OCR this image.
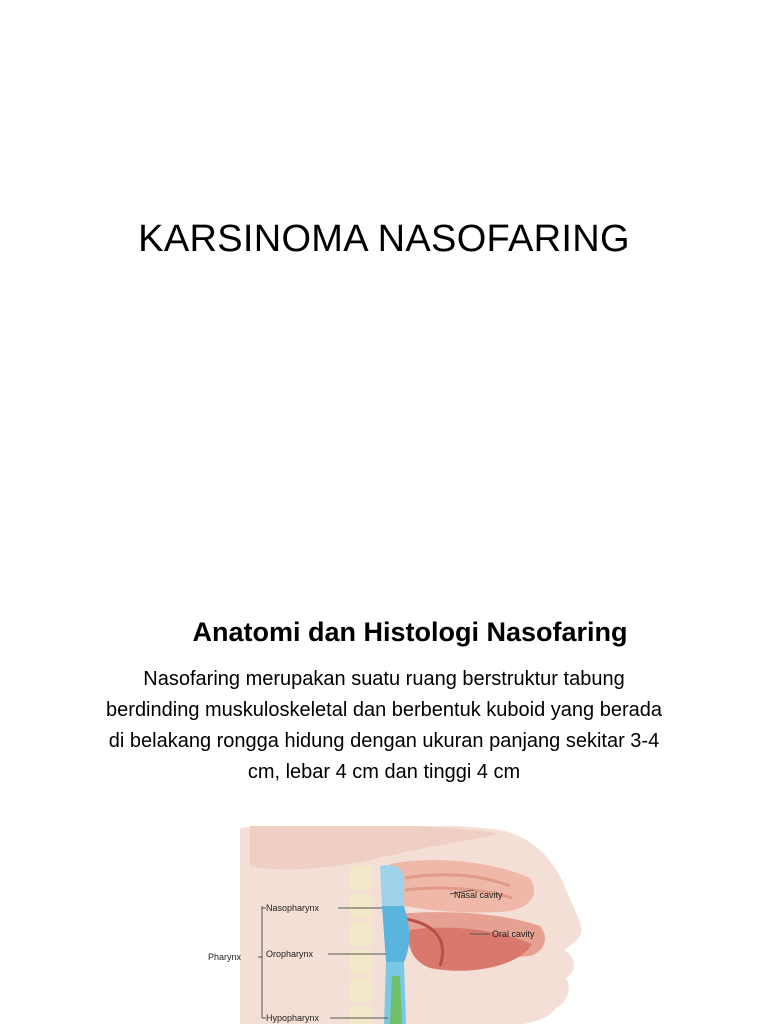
KARSINOMA NASOFARING
Anatomi dan Histologi Nasofaring
Nasofaring merupakan suatu ruang berstruktur tabung
berdinding muskuloskeletal dan berbentuk kuboid yang berada
di belakang rongga hidung dengan ukuran panjang sekitar 3-4
cm, lebar 4 cm dan tinggi 4 cm
Nasopharynx
Oropharynx
Hypopharynx
Pharynx
Nasal cavity
Oral cavity
